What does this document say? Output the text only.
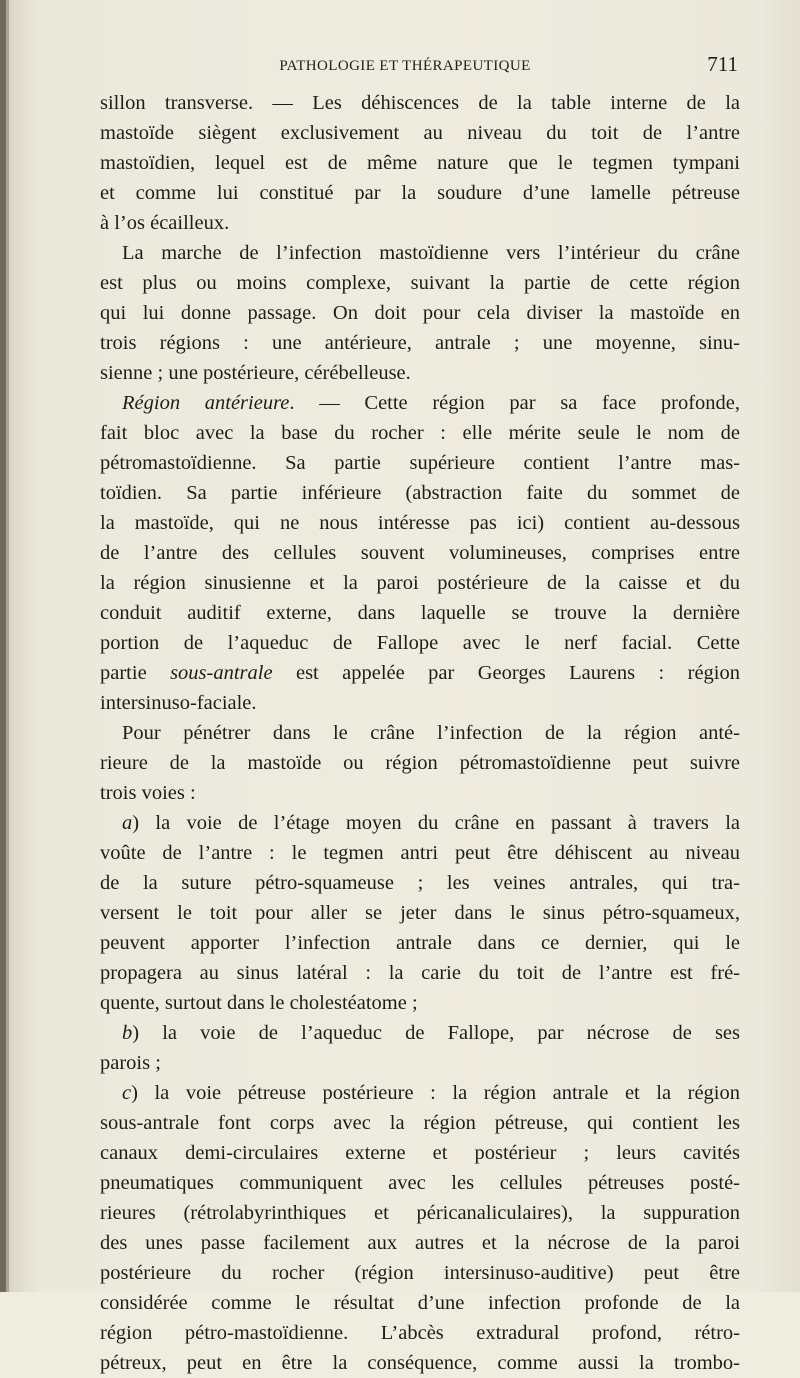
PATHOLOGIE ET THÉRAPEUTIQUE	711
sillon transverse. — Les déhiscences de la table interne de la
mastoïde siègent exclusivement au niveau du toit de l’antre
mastoïdien, lequel est de même nature que le tegmen tympani
et comme lui constitué par la soudure d’une lamelle pétreuse
à l’os écailleux.
La marche de l’infection mastoïdienne vers l’intérieur du crâne
est plus ou moins complexe, suivant la partie de cette région
qui lui donne passage. On doit pour cela diviser la mastoïde en
trois régions : une antérieure, antrale ; une moyenne, sinu-
sienne ; une postérieure, cérébelleuse.
Région antérieure. — Cette région par sa face profonde,
fait bloc avec la base du rocher : elle mérite seule le nom de
pétromastoïdienne. Sa partie supérieure contient l’antre mas-
toïdien. Sa partie inférieure (abstraction faite du sommet de
la mastoïde, qui ne nous intéresse pas ici) contient au-dessous
de l’antre des cellules souvent volumineuses, comprises entre
la région sinusienne et la paroi postérieure de la caisse et du
conduit auditif externe, dans laquelle se trouve la dernière
portion de l’aqueduc de Fallope avec le nerf facial. Cette
partie sous-antrale est appelée par Georges Laurens : région
intersinuso-faciale.
Pour pénétrer dans le crâne l’infection de la région anté-
rieure de la mastoïde ou région pétromastoïdienne peut suivre
trois voies :
a) la voie de l’étage moyen du crâne en passant à travers la
voûte de l’antre : le tegmen antri peut être déhiscent au niveau
de la suture pétro-squameuse ; les veines antrales, qui tra-
versent le toit pour aller se jeter dans le sinus pétro-squameux,
peuvent apporter l’infection antrale dans ce dernier, qui le
propagera au sinus latéral : la carie du toit de l’antre est fré-
quente, surtout dans le cholestéatome ;
b) la voie de l’aqueduc de Fallope, par nécrose de ses
parois ;
c) la voie pétreuse postérieure : la région antrale et la région
sous-antrale font corps avec la région pétreuse, qui contient les
canaux demi-circulaires externe et postérieur ; leurs cavités
pneumatiques communiquent avec les cellules pétreuses posté-
rieures (rétrolabyrinthiques et péricanaliculaires), la suppuration
des unes passe facilement aux autres et la nécrose de la paroi
postérieure du rocher (région intersinuso-auditive) peut être
considérée comme le résultat d’une infection profonde de la
région pétro-mastoïdienne. L’abcès extradural profond, rétro-
pétreux, peut en être la conséquence, comme aussi la trombo-
